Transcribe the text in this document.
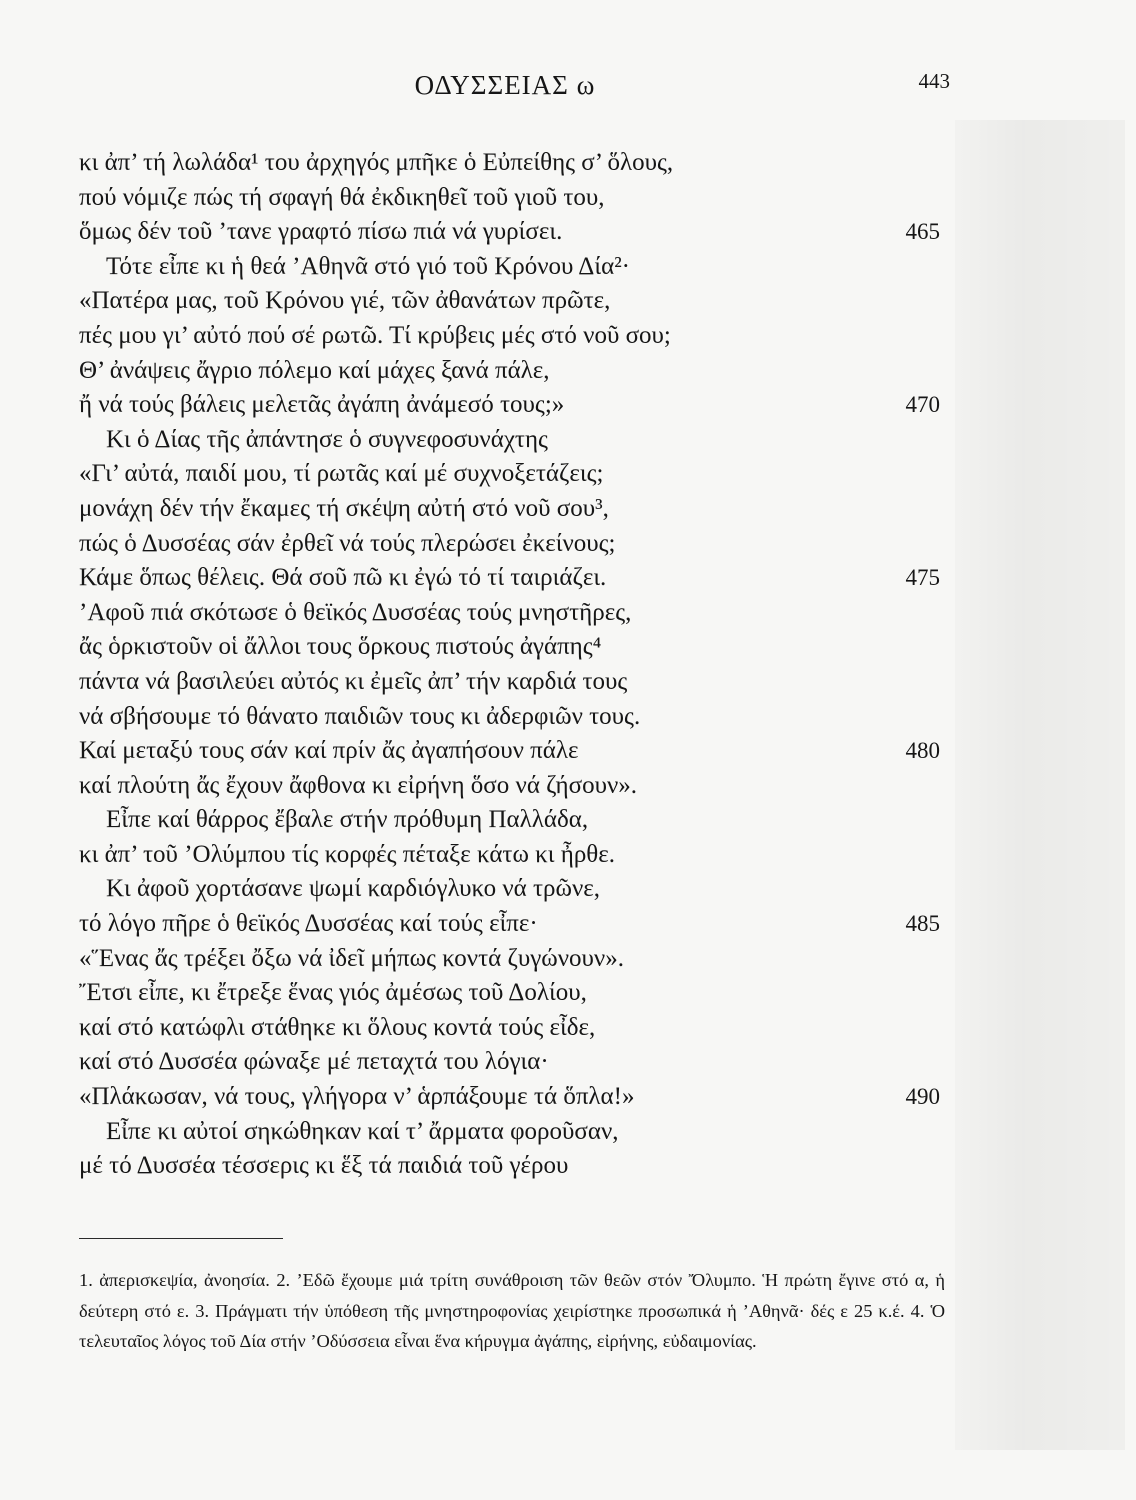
ΟΔΥΣΣΕΙΑΣ ω	443
κι ἀπ’ τή λωλάδα¹ του ἀρχηγός μπῆκε ὁ Εὐπείθης σ’ ὅλους,
πού νόμιζε πώς τή σφαγή θά ἐκδικηθεῖ τοῦ γιοῦ του,
ὅμως δέν τοῦ ’τανε γραφτό πίσω πιά νά γυρίσει.	465
Τότε εἶπε κι ἡ θεά ’Αθηνᾶ στό γιό τοῦ Κρόνου Δία²·
«Πατέρα μας, τοῦ Κρόνου γιέ, τῶν ἀθανάτων πρῶτε,
πές μου γι’ αὐτό πού σέ ρωτῶ. Τί κρύβεις μές στό νοῦ σου;
Θ’ ἀνάψεις ἄγριο πόλεμο καί μάχες ξανά πάλε,
ἤ νά τούς βάλεις μελετᾶς ἀγάπη ἀνάμεσό τους;»	470
Κι ὁ Δίας τῆς ἀπάντησε ὁ συγνεφοσυνάχτης
«Γι’ αὐτά, παιδί μου, τί ρωτᾶς καί μέ συχνοξετάζεις;
μονάχη δέν τήν ἔκαμες τή σκέψη αὐτή στό νοῦ σου³,
πώς ὁ Δυσσέας σάν ἐρθεῖ νά τούς πλερώσει ἐκείνους;
Κάμε ὅπως θέλεις. Θά σοῦ πῶ κι ἐγώ τό τί ταιριάζει.	475
’Αφοῦ πιά σκότωσε ὁ θεϊκός Δυσσέας τούς μνηστῆρες,
ἄς ὁρκιστοῦν οἱ ἄλλοι τους ὅρκους πιστούς ἀγάπης⁴
πάντα νά βασιλεύει αὐτός κι ἐμεῖς ἀπ’ τήν καρδιά τους
νά σβήσουμε τό θάνατο παιδιῶν τους κι ἀδερφιῶν τους.
Καί μεταξύ τους σάν καί πρίν ἄς ἀγαπήσουν πάλε	480
καί πλούτη ἄς ἔχουν ἄφθονα κι εἰρήνη ὅσο νά ζήσουν».
Εἶπε καί θάρρος ἔβαλε στήν πρόθυμη Παλλάδα,
κι ἀπ’ τοῦ ’Ολύμπου τίς κορφές πέταξε κάτω κι ἦρθε.
Κι ἀφοῦ χορτάσανε ψωμί καρδιόγλυκο νά τρῶνε,
τό λόγο πῆρε ὁ θεϊκός Δυσσέας καί τούς εἶπε·	485
«Ἕνας ἄς τρέξει ὄξω νά ἰδεῖ μήπως κοντά ζυγώνουν».
Ἔτσι εἶπε, κι ἔτρεξε ἕνας γιός ἀμέσως τοῦ Δολίου,
καί στό κατώφλι στάθηκε κι ὅλους κοντά τούς εἶδε,
καί στό Δυσσέα φώναξε μέ πεταχτά του λόγια·
«Πλάκωσαν, νά τους, γλήγορα ν’ ἁρπάξουμε τά ὅπλα!»	490
Εἶπε κι αὐτοί σηκώθηκαν καί τ’ ἄρματα φοροῦσαν,
μέ τό Δυσσέα τέσσερις κι ἕξ τά παιδιά τοῦ γέρου
1. ἀπερισκεψία, ἀνοησία. 2. ’Εδῶ ἔχουμε μιά τρίτη συνάθροιση τῶν θεῶν στόν Ὄλυμπο. Ἡ πρώτη ἔγινε στό α, ἡ δεύτερη στό ε. 3. Πράγματι τήν ὑπόθεση τῆς μνηστηροφονίας χειρίστηκε προσωπικά ἡ ’Αθηνᾶ· δές ε 25 κ.έ. 4. Ὁ τελευταῖος λόγος τοῦ Δία στήν ’Οδύσσεια εἶναι ἕνα κήρυγμα ἀγάπης, εἰρήνης, εὐδαιμονίας.
